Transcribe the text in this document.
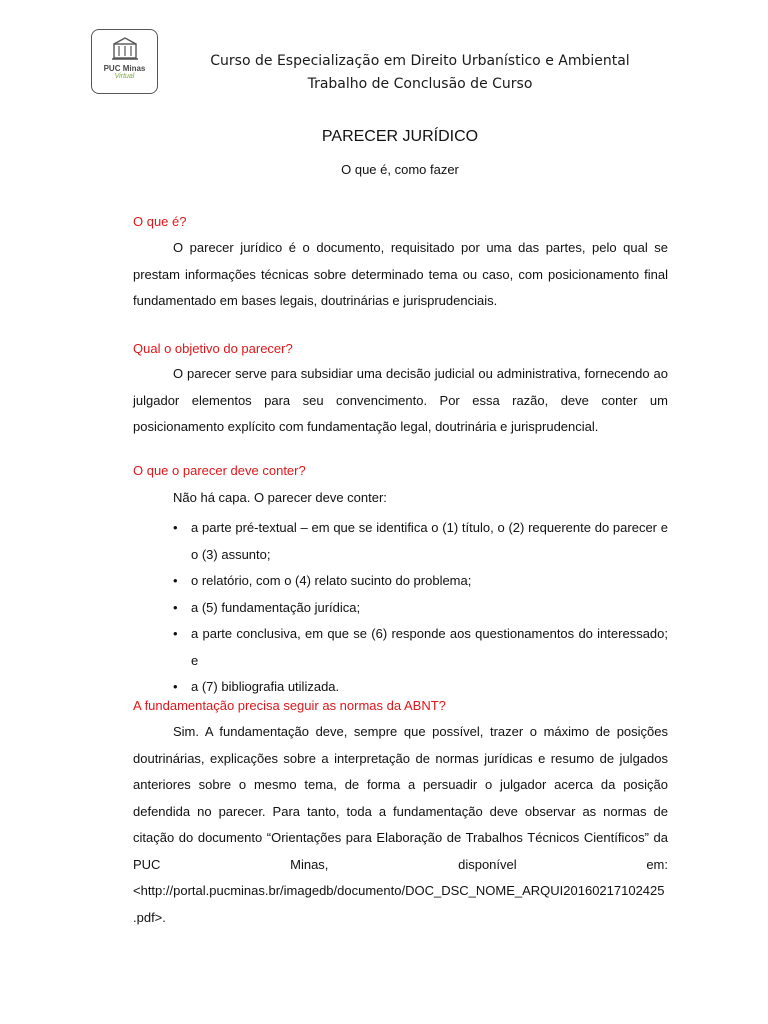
PUC Minas
Virtual
Curso de Especialização em Direito Urbanístico e Ambiental
Trabalho de Conclusão de Curso
PARECER JURÍDICO
O que é, como fazer
O que é?
O parecer jurídico é o documento, requisitado por uma das partes, pelo qual se prestam informações técnicas sobre determinado tema ou caso, com posicionamento final fundamentado em bases legais, doutrinárias e jurisprudenciais.
Qual o objetivo do parecer?
O parecer serve para subsidiar uma decisão judicial ou administrativa, fornecendo ao julgador elementos para seu convencimento. Por essa razão, deve conter um posicionamento explícito com fundamentação legal, doutrinária e jurisprudencial.
O que o parecer deve conter?
Não há capa. O parecer deve conter:
• a parte pré-textual – em que se identifica o (1) título, o (2) requerente do parecer e o (3) assunto;
• o relatório, com o (4) relato sucinto do problema;
• a (5) fundamentação jurídica;
• a parte conclusiva, em que se (6) responde aos questionamentos do interessado; e
• a (7) bibliografia utilizada.
A fundamentação precisa seguir as normas da ABNT?
Sim. A fundamentação deve, sempre que possível, trazer o máximo de posições doutrinárias, explicações sobre a interpretação de normas jurídicas e resumo de julgados anteriores sobre o mesmo tema, de forma a persuadir o julgador acerca da posição defendida no parecer. Para tanto, toda a fundamentação deve observar as normas de citação do documento “Orientações para Elaboração de Trabalhos Técnicos Científicos” da PUC Minas, disponível em: <http://portal.pucminas.br/imagedb/documento/DOC_DSC_NOME_ARQUI20160217102425 .pdf>.
